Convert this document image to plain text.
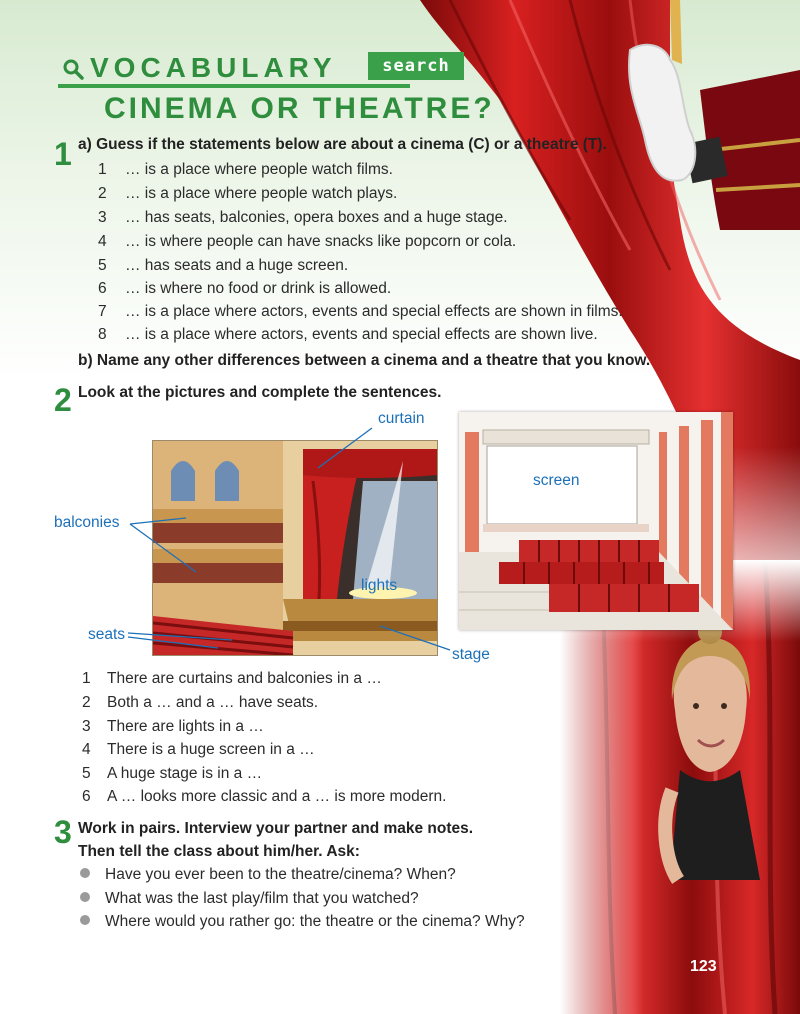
VOCABULARY	search
CINEMA OR THEATRE?
1 a) Guess if the statements below are about a cinema (C) or a theatre (T).
1 … is a place where people watch films.
2 … is a place where people watch plays.
3 … has seats, balconies, opera boxes and a huge stage.
4 … is where people can have snacks like popcorn or cola.
5 … has seats and a huge screen.
6 … is where no food or drink is allowed.
7 … is a place where actors, events and special effects are shown in films.
8 … is a place where actors, events and special effects are shown live.
b) Name any other differences between a cinema and a theatre that you know.
2 Look at the pictures and complete the sentences.
curtain
balconies
lights
seats
stage
screen
1 There are curtains and balconies in a …
2 Both a … and a … have seats.
3 There are lights in a …
4 There is a huge screen in a …
5 A huge stage is in a …
6 A … looks more classic and a … is more modern.
3 Work in pairs. Interview your partner and make notes.
Then tell the class about him/her. Ask:
Have you ever been to the theatre/cinema? When?
What was the last play/film that you watched?
Where would you rather go: the theatre or the cinema? Why?
123
